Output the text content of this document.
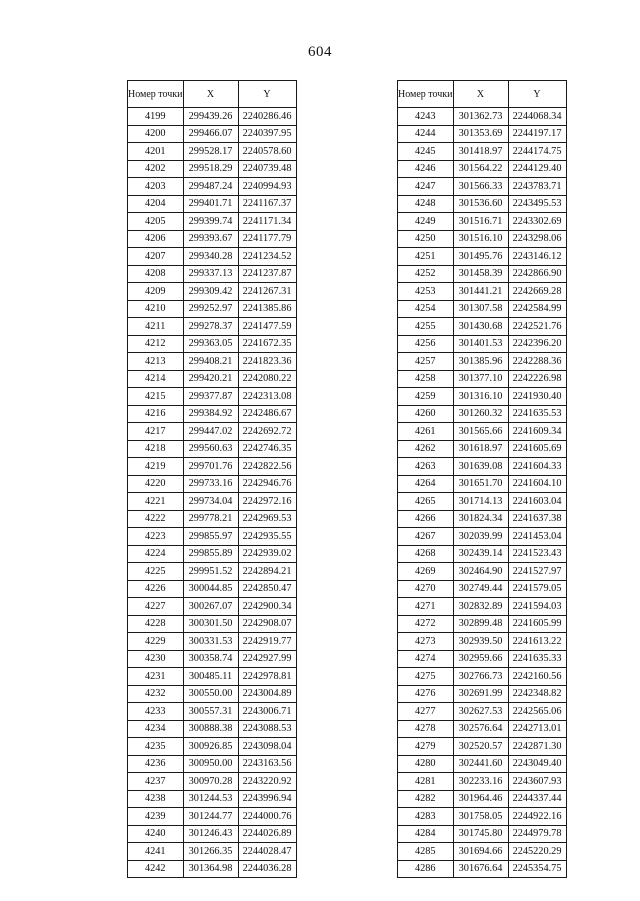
604
Номер точки	X	Y
4199	299439.26	2240286.46
4200	299466.07	2240397.95
4201	299528.17	2240578.60
4202	299518.29	2240739.48
4203	299487.24	2240994.93
4204	299401.71	2241167.37
4205	299399.74	2241171.34
4206	299393.67	2241177.79
4207	299340.28	2241234.52
4208	299337.13	2241237.87
4209	299309.42	2241267.31
4210	299252.97	2241385.86
4211	299278.37	2241477.59
4212	299363.05	2241672.35
4213	299408.21	2241823.36
4214	299420.21	2242080.22
4215	299377.87	2242313.08
4216	299384.92	2242486.67
4217	299447.02	2242692.72
4218	299560.63	2242746.35
4219	299701.76	2242822.56
4220	299733.16	2242946.76
4221	299734.04	2242972.16
4222	299778.21	2242969.53
4223	299855.97	2242935.55
4224	299855.89	2242939.02
4225	299951.52	2242894.21
4226	300044.85	2242850.47
4227	300267.07	2242900.34
4228	300301.50	2242908.07
4229	300331.53	2242919.77
4230	300358.74	2242927.99
4231	300485.11	2242978.81
4232	300550.00	2243004.89
4233	300557.31	2243006.71
4234	300888.38	2243088.53
4235	300926.85	2243098.04
4236	300950.00	2243163.56
4237	300970.28	2243220.92
4238	301244.53	2243996.94
4239	301244.77	2244000.76
4240	301246.43	2244026.89
4241	301266.35	2244028.47
4242	301364.98	2244036.28
Номер точки	X	Y
4243	301362.73	2244068.34
4244	301353.69	2244197.17
4245	301418.97	2244174.75
4246	301564.22	2244129.40
4247	301566.33	2243783.71
4248	301536.60	2243495.53
4249	301516.71	2243302.69
4250	301516.10	2243298.06
4251	301495.76	2243146.12
4252	301458.39	2242866.90
4253	301441.21	2242669.28
4254	301307.58	2242584.99
4255	301430.68	2242521.76
4256	301401.53	2242396.20
4257	301385.96	2242288.36
4258	301377.10	2242226.98
4259	301316.10	2241930.40
4260	301260.32	2241635.53
4261	301565.66	2241609.34
4262	301618.97	2241605.69
4263	301639.08	2241604.33
4264	301651.70	2241604.10
4265	301714.13	2241603.04
4266	301824.34	2241637.38
4267	302039.99	2241453.04
4268	302439.14	2241523.43
4269	302464.90	2241527.97
4270	302749.44	2241579.05
4271	302832.89	2241594.03
4272	302899.48	2241605.99
4273	302939.50	2241613.22
4274	302959.66	2241635.33
4275	302766.73	2242160.56
4276	302691.99	2242348.82
4277	302627.53	2242565.06
4278	302576.64	2242713.01
4279	302520.57	2242871.30
4280	302441.60	2243049.40
4281	302233.16	2243607.93
4282	301964.46	2244337.44
4283	301758.05	2244922.16
4284	301745.80	2244979.78
4285	301694.66	2245220.29
4286	301676.64	2245354.75
